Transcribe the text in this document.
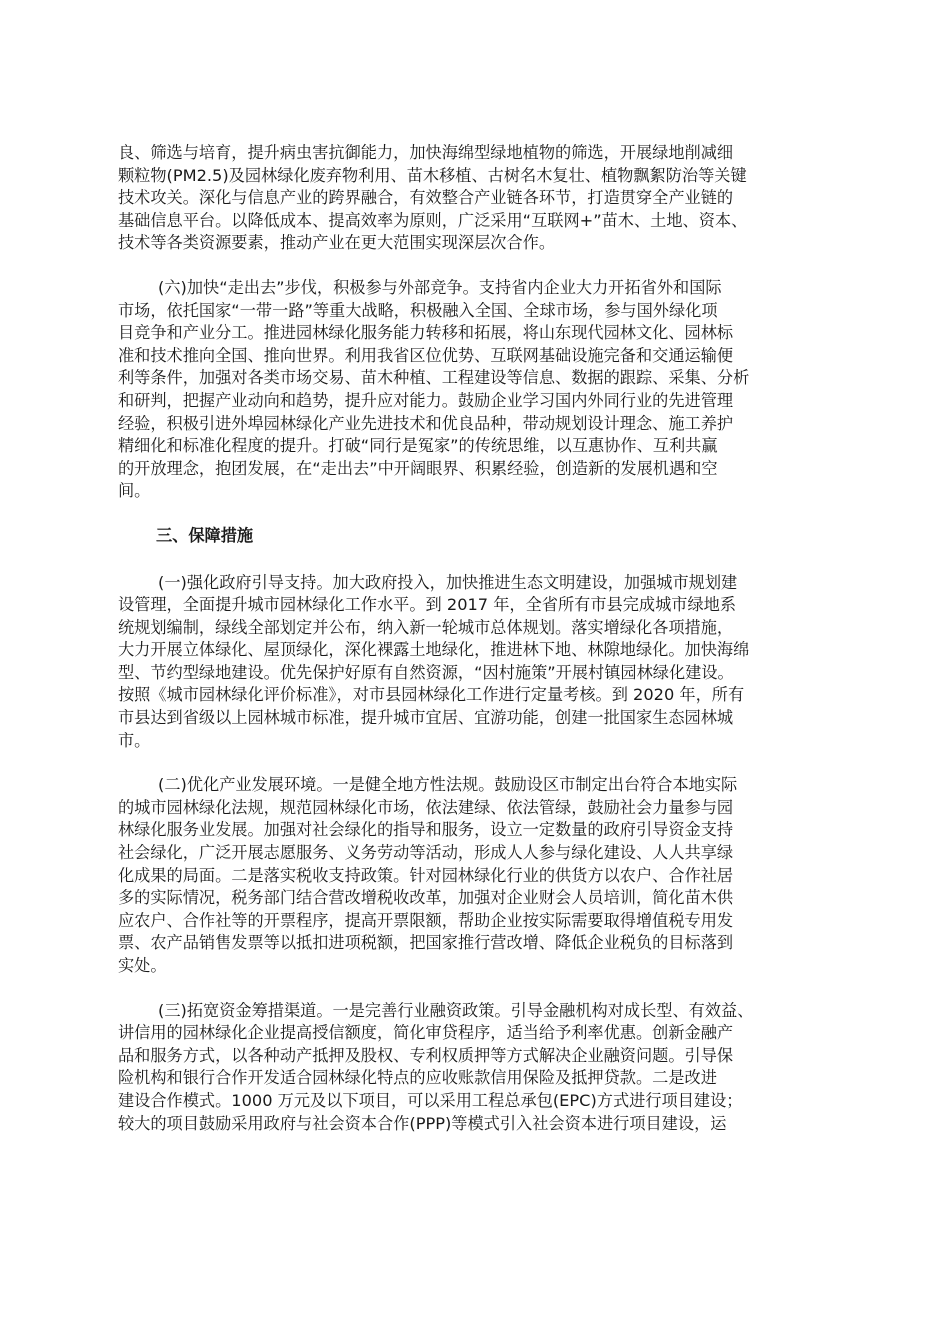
良、筛选与培育，提升病虫害抗御能力，加快海绵型绿地植物的筛选，开展绿地削减细
颗粒物(PM2.5)及园林绿化废弃物利用、苗木移植、古树名木复壮、植物飘絮防治等关键
技术攻关。深化与信息产业的跨界融合，有效整合产业链各环节，打造贯穿全产业链的
基础信息平台。以降低成本、提高效率为原则，广泛采用“互联网+”苗木、土地、资本、
技术等各类资源要素，推动产业在更大范围实现深层次合作。
(六)加快“走出去”步伐，积极参与外部竞争。支持省内企业大力开拓省外和国际
市场，依托国家“一带一路”等重大战略，积极融入全国、全球市场，参与国外绿化项
目竞争和产业分工。推进园林绿化服务能力转移和拓展，将山东现代园林文化、园林标
准和技术推向全国、推向世界。利用我省区位优势、互联网基础设施完备和交通运输便
利等条件，加强对各类市场交易、苗木种植、工程建设等信息、数据的跟踪、采集、分析
和研判，把握产业动向和趋势，提升应对能力。鼓励企业学习国内外同行业的先进管理
经验，积极引进外埠园林绿化产业先进技术和优良品种，带动规划设计理念、施工养护
精细化和标准化程度的提升。打破“同行是冤家”的传统思维，以互惠协作、互利共赢
的开放理念，抱团发展，在“走出去”中开阔眼界、积累经验，创造新的发展机遇和空
间。
三、保障措施
(一)强化政府引导支持。加大政府投入，加快推进生态文明建设，加强城市规划建
设管理，全面提升城市园林绿化工作水平。到 2017 年，全省所有市县完成城市绿地系
统规划编制，绿线全部划定并公布，纳入新一轮城市总体规划。落实增绿化各项措施，
大力开展立体绿化、屋顶绿化，深化裸露土地绿化，推进林下地、林隙地绿化。加快海绵
型、节约型绿地建设。优先保护好原有自然资源，“因村施策”开展村镇园林绿化建设。
按照《城市园林绿化评价标准》，对市县园林绿化工作进行定量考核。到 2020 年，所有
市县达到省级以上园林城市标准，提升城市宜居、宜游功能，创建一批国家生态园林城
市。
(二)优化产业发展环境。一是健全地方性法规。鼓励设区市制定出台符合本地实际
的城市园林绿化法规，规范园林绿化市场，依法建绿、依法管绿，鼓励社会力量参与园
林绿化服务业发展。加强对社会绿化的指导和服务，设立一定数量的政府引导资金支持
社会绿化，广泛开展志愿服务、义务劳动等活动，形成人人参与绿化建设、人人共享绿
化成果的局面。二是落实税收支持政策。针对园林绿化行业的供货方以农户、合作社居
多的实际情况，税务部门结合营改增税收改革，加强对企业财会人员培训，简化苗木供
应农户、合作社等的开票程序，提高开票限额，帮助企业按实际需要取得增值税专用发
票、农产品销售发票等以抵扣进项税额，把国家推行营改增、降低企业税负的目标落到
实处。
(三)拓宽资金筹措渠道。一是完善行业融资政策。引导金融机构对成长型、有效益、
讲信用的园林绿化企业提高授信额度，简化审贷程序，适当给予利率优惠。创新金融产
品和服务方式，以各种动产抵押及股权、专利权质押等方式解决企业融资问题。引导保
险机构和银行合作开发适合园林绿化特点的应收账款信用保险及抵押贷款。二是改进
建设合作模式。1000 万元及以下项目，可以采用工程总承包(EPC)方式进行项目建设；
较大的项目鼓励采用政府与社会资本合作(PPP)等模式引入社会资本进行项目建设，运
